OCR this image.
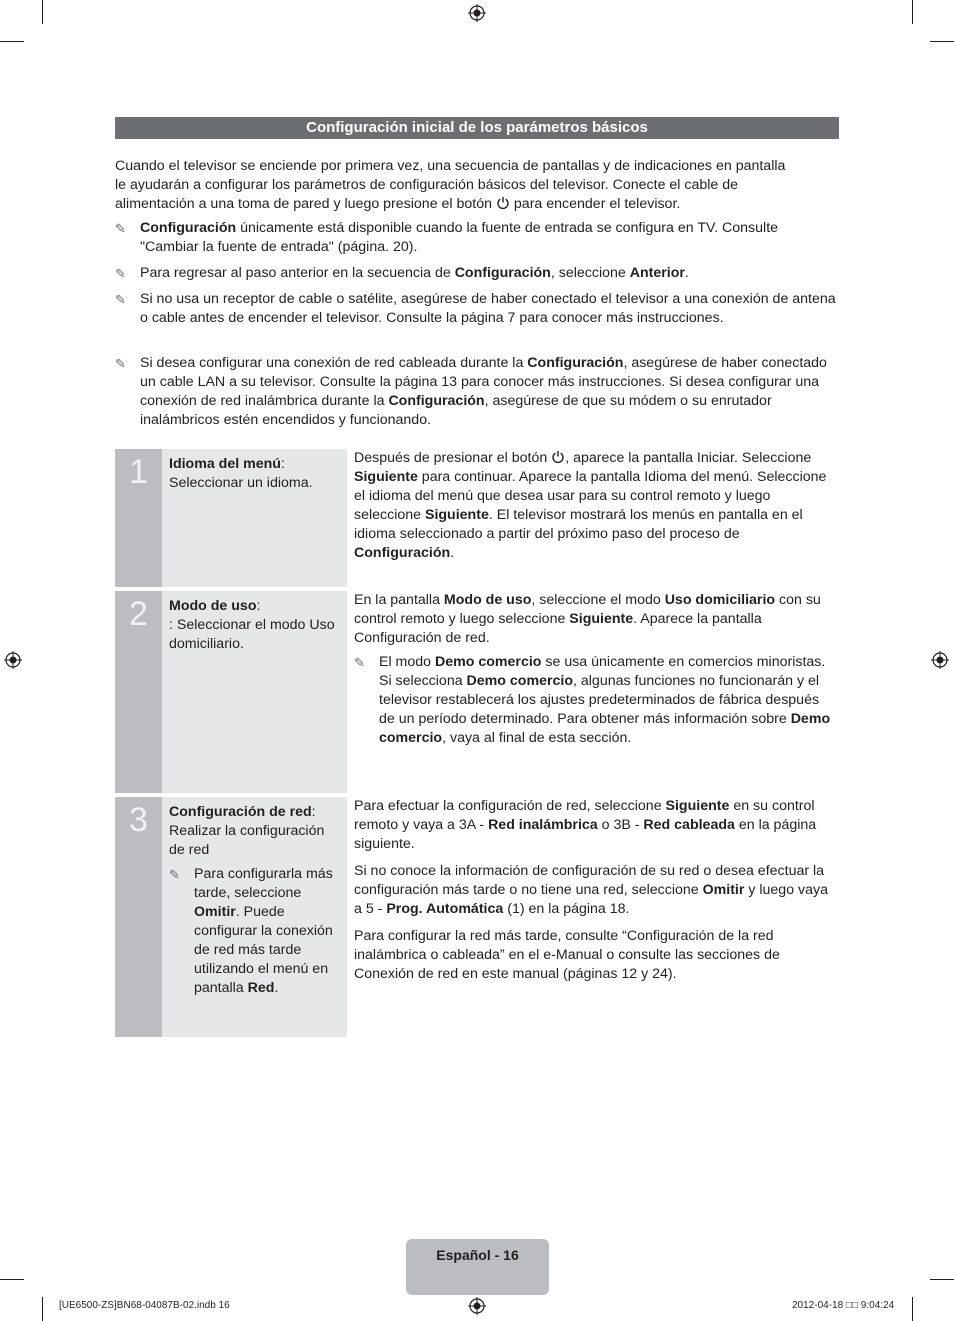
Configuración inicial de los parámetros básicos
Cuando el televisor se enciende por primera vez, una secuencia de pantallas y de indicaciones en pantalla
le ayudarán a configurar los parámetros de configuración básicos del televisor. Conecte el cable de
alimentación a una toma de pared y luego presione el botón para encender el televisor.
✎ Configuración únicamente está disponible cuando la fuente de entrada se configura en TV. Consulte "Cambiar la fuente de entrada" (página. 20).
✎ Para regresar al paso anterior en la secuencia de Configuración, seleccione Anterior.
✎ Si no usa un receptor de cable o satélite, asegúrese de haber conectado el televisor a una conexión de antena o cable antes de encender el televisor. Consulte la página 7 para conocer más instrucciones.
✎ Si desea configurar una conexión de red cableada durante la Configuración, asegúrese de haber conectado un cable LAN a su televisor. Consulte la página 13 para conocer más instrucciones. Si desea configurar una conexión de red inalámbrica durante la Configuración, asegúrese de que su módem o su enrutador inalámbricos estén encendidos y funcionando.
1	Idioma del menú:
Seleccionar un idioma.
Después de presionar el botón , aparece la pantalla Iniciar. Seleccione Siguiente para continuar. Aparece la pantalla Idioma del menú. Seleccione el idioma del menú que desea usar para su control remoto y luego seleccione Siguiente. El televisor mostrará los menús en pantalla en el idioma seleccionado a partir del próximo paso del proceso de Configuración.
2	Modo de uso:
: Seleccionar el modo Uso domiciliario.
En la pantalla Modo de uso, seleccione el modo Uso domiciliario con su control remoto y luego seleccione Siguiente. Aparece la pantalla Configuración de red.
✎ El modo Demo comercio se usa únicamente en comercios minoristas. Si selecciona Demo comercio, algunas funciones no funcionarán y el televisor restablecerá los ajustes predeterminados de fábrica después de un período determinado. Para obtener más información sobre Demo comercio, vaya al final de esta sección.
3	Configuración de red:
Realizar la configuración de red
✎ Para configurarla más tarde, seleccione Omitir. Puede configurar la conexión de red más tarde utilizando el menú en pantalla Red.
Para efectuar la configuración de red, seleccione Siguiente en su control remoto y vaya a 3A - Red inalámbrica o 3B - Red cableada en la página siguiente.
Si no conoce la información de configuración de su red o desea efectuar la configuración más tarde o no tiene una red, seleccione Omitir y luego vaya a 5 - Prog. Automática (1) en la página 18.
Para configurar la red más tarde, consulte “Configuración de la red inalámbrica o cableada” en el e-Manual o consulte las secciones de Conexión de red en este manual (páginas 12 y 24).
Español - 16
[UE6500-ZS]BN68-04087B-02.indb 16	2012-04-18 □□ 9:04:24
